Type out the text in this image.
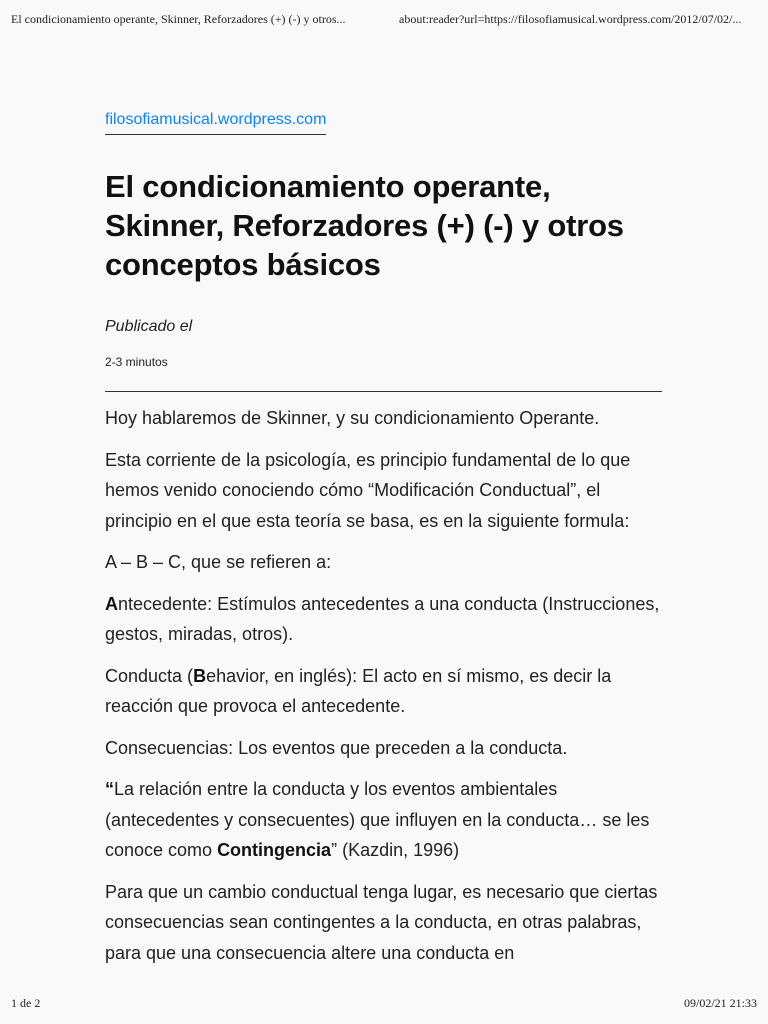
El condicionamiento operante, Skinner, Reforzadores (+) (-) y otros...	about:reader?url=https://filosofiamusical.wordpress.com/2012/07/02/...
filosofiamusical.wordpress.com
El condicionamiento operante, Skinner, Reforzadores (+) (-) y otros conceptos básicos
Publicado el
2-3 minutos

Hoy hablaremos de Skinner, y su condicionamiento Operante.

Esta corriente de la psicología, es principio fundamental de lo que hemos venido conociendo cómo “Modificación Conductual”, el principio en el que esta teoría se basa, es en la siguiente formula:

A – B – C, que se refieren a:

Antecedente: Estímulos antecedentes a una conducta (Instrucciones, gestos, miradas, otros).

Conducta (Behavior, en inglés): El acto en sí mismo, es decir la reacción que provoca el antecedente.

Consecuencias: Los eventos que preceden a la conducta.

“La relación entre la conducta y los eventos ambientales (antecedentes y consecuentes) que influyen en la conducta… se les conoce como Contingencia” (Kazdin, 1996)

Para que un cambio conductual tenga lugar, es necesario que ciertas consecuencias sean contingentes a la conducta, en otras palabras, para que una consecuencia altere una conducta en

1 de 2	09/02/21 21:33
